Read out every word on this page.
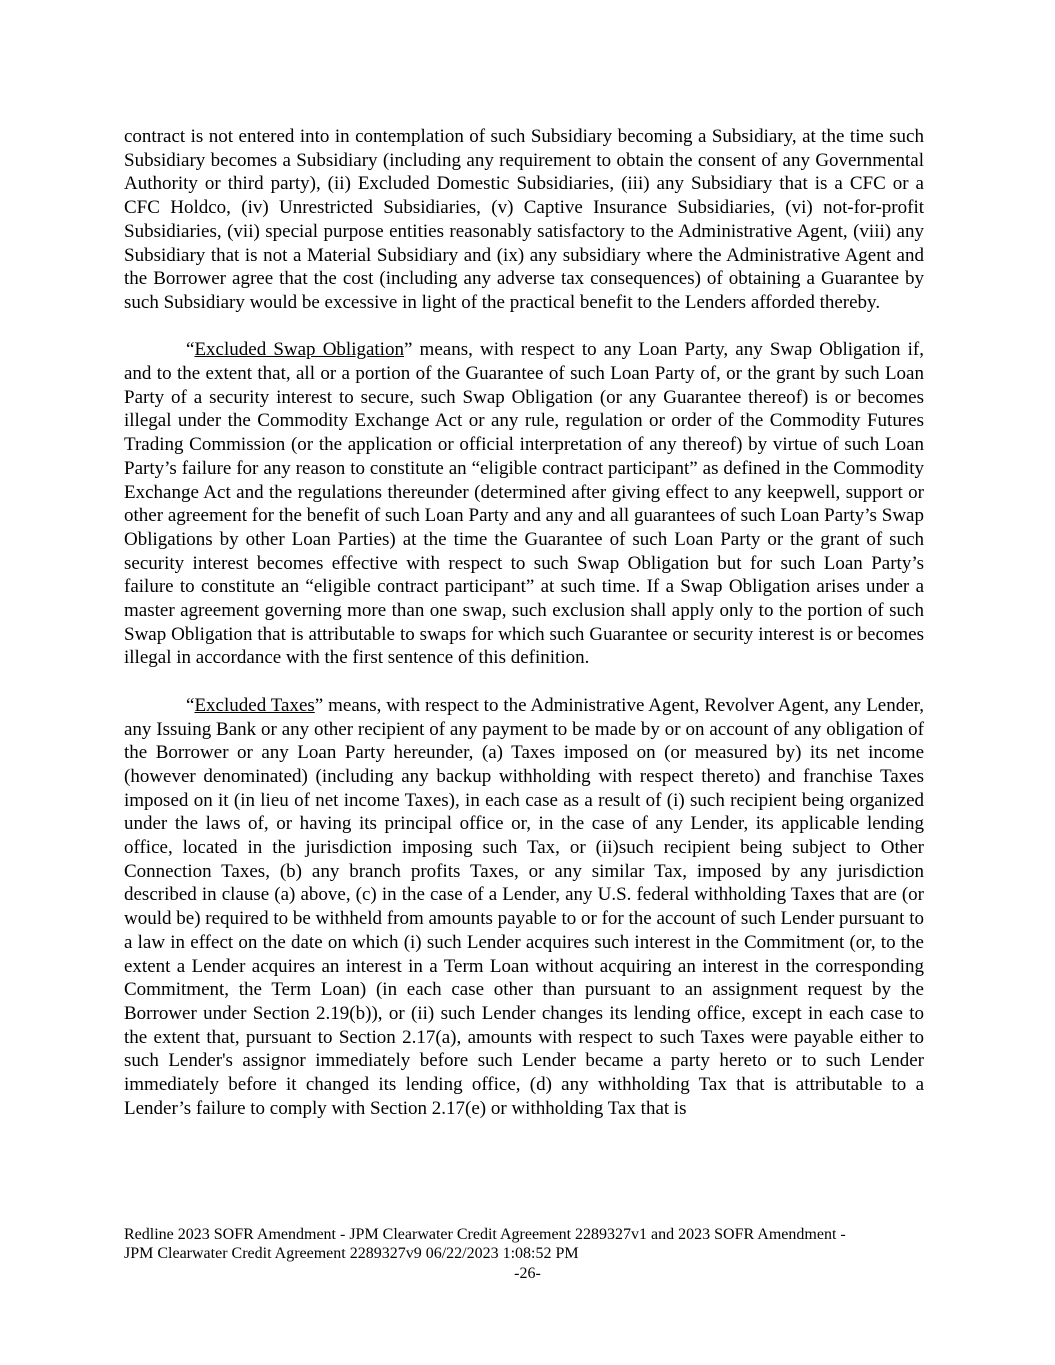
contract is not entered into in contemplation of such Subsidiary becoming a Subsidiary, at the time such Subsidiary becomes a Subsidiary (including any requirement to obtain the consent of any Governmental Authority or third party), (ii) Excluded Domestic Subsidiaries, (iii) any Subsidiary that is a CFC or a CFC Holdco, (iv) Unrestricted Subsidiaries, (v) Captive Insurance Subsidiaries, (vi) not-for-profit Subsidiaries, (vii) special purpose entities reasonably satisfactory to the Administrative Agent, (viii) any Subsidiary that is not a Material Subsidiary and (ix) any subsidiary where the Administrative Agent and the Borrower agree that the cost (including any adverse tax consequences) of obtaining a Guarantee by such Subsidiary would be excessive in light of the practical benefit to the Lenders afforded thereby.

“Excluded Swap Obligation” means, with respect to any Loan Party, any Swap Obligation if, and to the extent that, all or a portion of the Guarantee of such Loan Party of, or the grant by such Loan Party of a security interest to secure, such Swap Obligation (or any Guarantee thereof) is or becomes illegal under the Commodity Exchange Act or any rule, regulation or order of the Commodity Futures Trading Commission (or the application or official interpretation of any thereof) by virtue of such Loan Party’s failure for any reason to constitute an “eligible contract participant” as defined in the Commodity Exchange Act and the regulations thereunder (determined after giving effect to any keepwell, support or other agreement for the benefit of such Loan Party and any and all guarantees of such Loan Party’s Swap Obligations by other Loan Parties) at the time the Guarantee of such Loan Party or the grant of such security interest becomes effective with respect to such Swap Obligation but for such Loan Party’s failure to constitute an “eligible contract participant” at such time. If a Swap Obligation arises under a master agreement governing more than one swap, such exclusion shall apply only to the portion of such Swap Obligation that is attributable to swaps for which such Guarantee or security interest is or becomes illegal in accordance with the first sentence of this definition.

“Excluded Taxes” means, with respect to the Administrative Agent, Revolver Agent, any Lender, any Issuing Bank or any other recipient of any payment to be made by or on account of any obligation of the Borrower or any Loan Party hereunder, (a) Taxes imposed on (or measured by) its net income (however denominated) (including any backup withholding with respect thereto) and franchise Taxes imposed on it (in lieu of net income Taxes), in each case as a result of (i) such recipient being organized under the laws of, or having its principal office or, in the case of any Lender, its applicable lending office, located in the jurisdiction imposing such Tax, or (ii)such recipient being subject to Other Connection Taxes, (b) any branch profits Taxes, or any similar Tax, imposed by any jurisdiction described in clause (a) above, (c) in the case of a Lender, any U.S. federal withholding Taxes that are (or would be) required to be withheld from amounts payable to or for the account of such Lender pursuant to a law in effect on the date on which (i) such Lender acquires such interest in the Commitment (or, to the extent a Lender acquires an interest in a Term Loan without acquiring an interest in the corresponding Commitment, the Term Loan) (in each case other than pursuant to an assignment request by the Borrower under Section 2.19(b)), or (ii) such Lender changes its lending office, except in each case to the extent that, pursuant to Section 2.17(a), amounts with respect to such Taxes were payable either to such Lender's assignor immediately before such Lender became a party hereto or to such Lender immediately before it changed its lending office, (d) any withholding Tax that is attributable to a Lender’s failure to comply with Section 2.17(e) or withholding Tax that is

Redline 2023 SOFR Amendment - JPM Clearwater Credit Agreement 2289327v1 and 2023 SOFR Amendment -
JPM Clearwater Credit Agreement 2289327v9 06/22/2023 1:08:52 PM
-26-
